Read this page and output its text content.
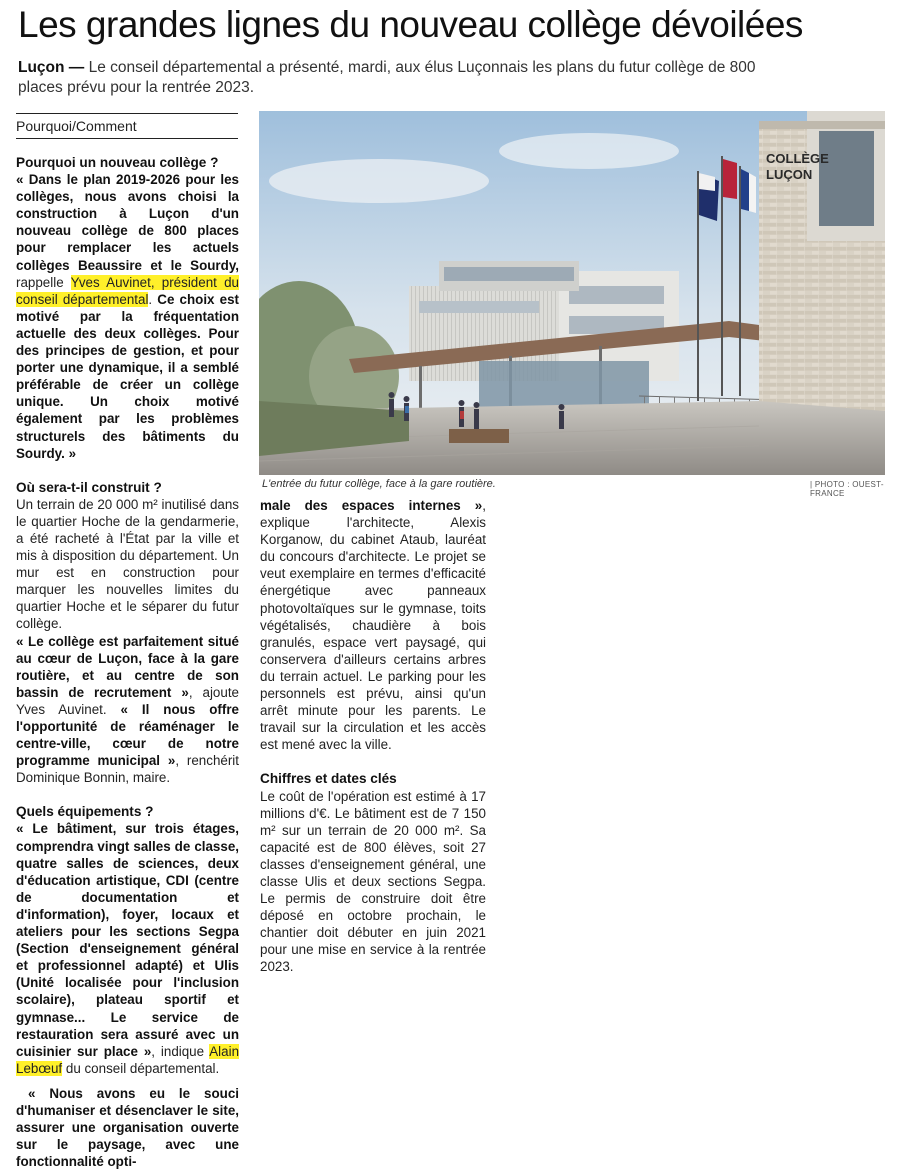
Les grandes lignes du nouveau collège dévoilées
Luçon — Le conseil départemental a présenté, mardi, aux élus Luçonnais les plans du futur collège de 800 places prévu pour la rentrée 2023.
Pourquoi/Comment
Pourquoi un nouveau collège ?

« Dans le plan 2019-2026 pour les collèges, nous avons choisi la construction à Luçon d'un nouveau collège de 800 places pour remplacer les actuels collèges Beaussire et le Sourdy, rappelle Yves Auvinet, président du conseil départemental. Ce choix est motivé par la fréquentation actuelle des deux collèges. Pour des principes de gestion, et pour porter une dynamique, il a semblé préférable de créer un collège unique. Un choix motivé également par les problèmes structurels des bâtiments du Sourdy. »

Où sera-t-il construit ?

Un terrain de 20 000 m² inutilisé dans le quartier Hoche de la gendarmerie, a été racheté à l'État par la ville et mis à disposition du département. Un mur est en construction pour marquer les nouvelles limites du quartier Hoche et le séparer du futur collège.

« Le collège est parfaitement situé au cœur de Luçon, face à la gare routière, et au centre de son bassin de recrutement », ajoute Yves Auvinet. « Il nous offre l'opportunité de réaménager le centre-ville, cœur de notre programme municipal », renchérit Dominique Bonnin, maire.

Quels équipements ?

« Le bâtiment, sur trois étages, comprendra vingt salles de classe, quatre salles de sciences, deux d'éducation artistique, CDI (centre de documentation et d'information), foyer, locaux et ateliers pour les sections Segpa (Section d'enseignement général et professionnel adapté) et Ulis (Unité localisée pour l'inclusion scolaire), plateau sportif et gymnase... Le service de restauration sera assuré avec un cuisinier sur place », indique Alain Lebœuf du conseil départemental.

« Nous avons eu le souci d'humaniser et désenclaver le site, assurer une organisation ouverte sur le paysage, avec une fonctionnalité opti-

COLLÈGE
LUÇON
L'entrée du futur collège, face à la gare routière.	| PHOTO : OUEST-FRANCE

male des espaces internes », explique l'architecte, Alexis Korganow, du cabinet Ataub, lauréat du concours d'architecte. Le projet se veut exemplaire en termes d'efficacité énergétique avec panneaux photovoltaïques sur le gymnase, toits végétalisés, chaudière à bois granulés, espace vert paysagé, qui conservera d'ailleurs certains arbres du terrain actuel. Le parking pour les personnels est prévu, ainsi qu'un arrêt minute pour les parents. Le travail sur la circulation et les accès est mené avec la ville.

Chiffres et dates clés

Le coût de l'opération est estimé à 17 millions d'€. Le bâtiment est de 7 150 m² sur un terrain de 20 000 m². Sa capacité est de 800 élèves, soit 27 classes d'enseignement général, une classe Ulis et deux sections Segpa. Le permis de construire doit être déposé en octobre prochain, le chantier doit débuter en juin 2021 pour une mise en service à la rentrée 2023.
